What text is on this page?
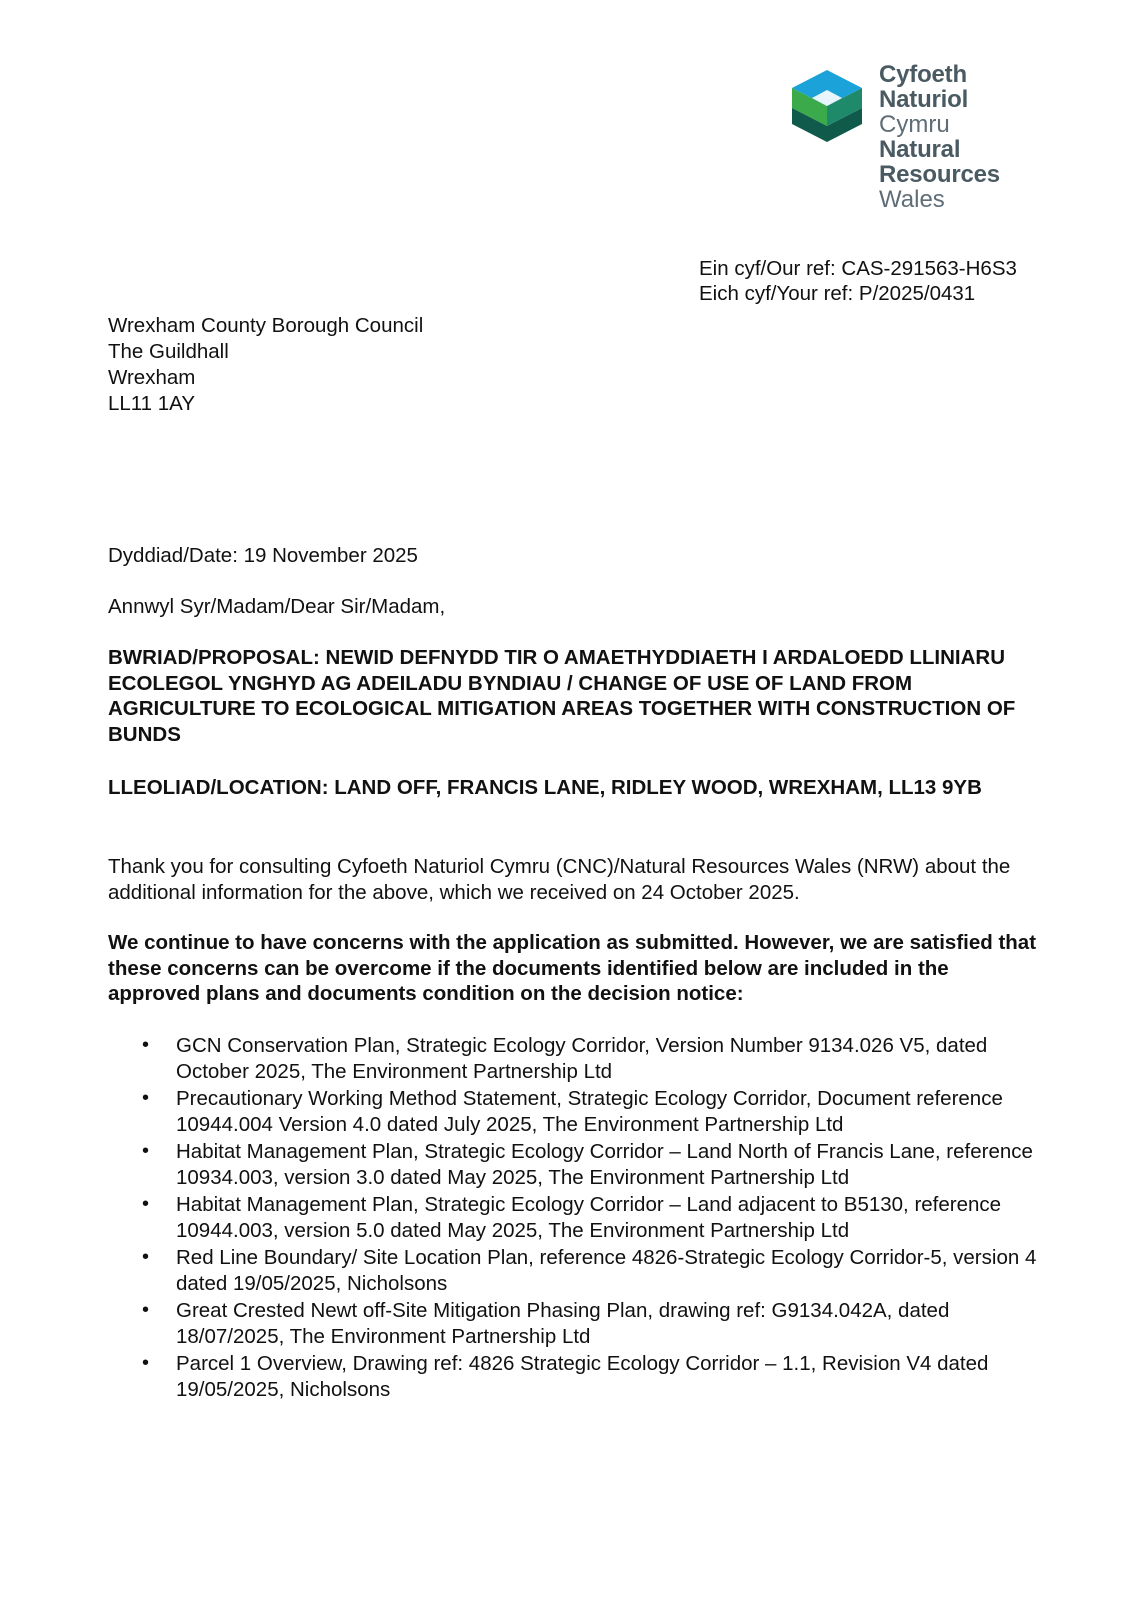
Cyfoeth
Naturiol
Cymru
Natural
Resources
Wales
Ein cyf/Our ref: CAS-291563-H6S3
Eich cyf/Your ref: P/2025/0431
Wrexham County Borough Council
The Guildhall
Wrexham
LL11 1AY
Dyddiad/Date: 19 November 2025
Annwyl Syr/Madam/Dear Sir/Madam,
BWRIAD/PROPOSAL: NEWID DEFNYDD TIR O AMAETHYDDIAETH I ARDALOEDD LLINIARU ECOLEGOL YNGHYD AG ADEILADU BYNDIAU / CHANGE OF USE OF LAND FROM AGRICULTURE TO ECOLOGICAL MITIGATION AREAS TOGETHER WITH CONSTRUCTION OF BUNDS
LLEOLIAD/LOCATION: LAND OFF, FRANCIS LANE, RIDLEY WOOD, WREXHAM, LL13 9YB
Thank you for consulting Cyfoeth Naturiol Cymru (CNC)/Natural Resources Wales (NRW) about the additional information for the above, which we received on 24 October 2025.
We continue to have concerns with the application as submitted. However, we are satisfied that these concerns can be overcome if the documents identified below are included in the approved plans and documents condition on the decision notice:
• GCN Conservation Plan, Strategic Ecology Corridor, Version Number 9134.026 V5, dated October 2025, The Environment Partnership Ltd
• Precautionary Working Method Statement, Strategic Ecology Corridor, Document reference 10944.004 Version 4.0 dated July 2025, The Environment Partnership Ltd
• Habitat Management Plan, Strategic Ecology Corridor – Land North of Francis Lane, reference 10934.003, version 3.0 dated May 2025, The Environment Partnership Ltd
• Habitat Management Plan, Strategic Ecology Corridor – Land adjacent to B5130, reference 10944.003, version 5.0 dated May 2025, The Environment Partnership Ltd
• Red Line Boundary/ Site Location Plan, reference 4826-Strategic Ecology Corridor-5, version 4 dated 19/05/2025, Nicholsons
• Great Crested Newt off-Site Mitigation Phasing Plan, drawing ref: G9134.042A, dated 18/07/2025, The Environment Partnership Ltd
• Parcel 1 Overview, Drawing ref: 4826 Strategic Ecology Corridor – 1.1, Revision V4 dated 19/05/2025, Nicholsons
